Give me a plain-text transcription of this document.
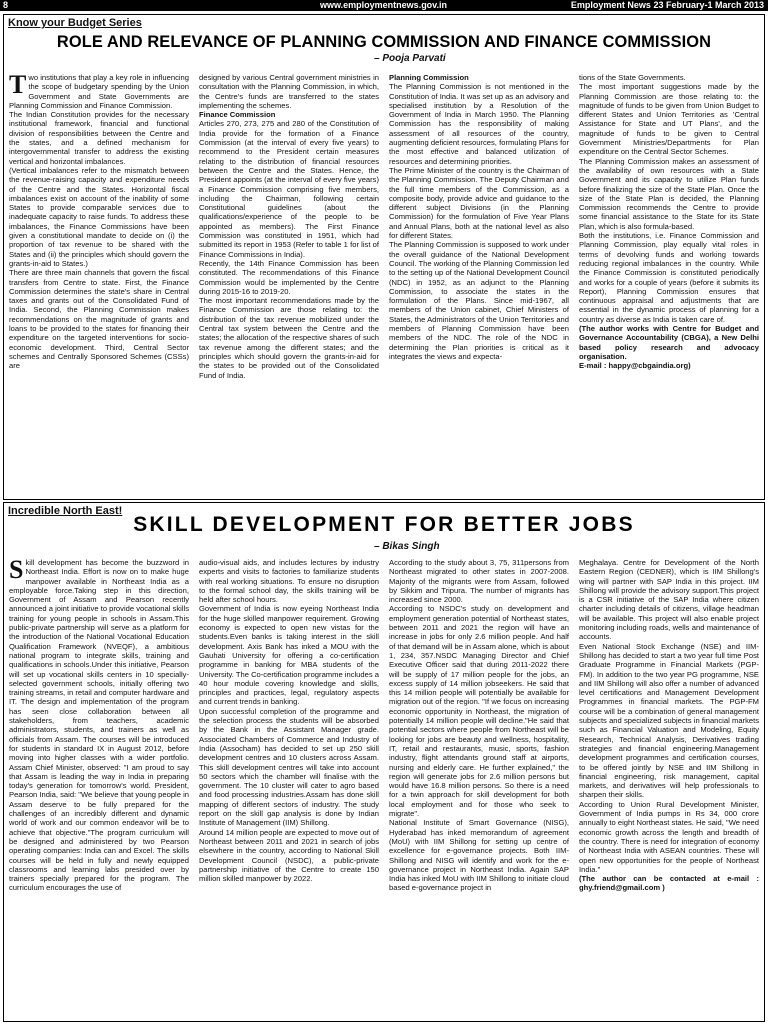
8	www.employmentnews.gov.in	Employment News 23 February-1 March 2013
Know your Budget Series
ROLE AND RELEVANCE OF PLANNING COMMISSION AND FINANCE COMMISSION
– Pooja Parvati

Two institutions that play a key role in influencing the scope of budgetary spending by the Union Government and State Governments are Planning Commission and Finance Commission.

The Indian Constitution provides for the necessary institutional framework, financial and functional division of responsibilities between the Centre and the states, and a defined mechanism for intergovernmental transfer to address the existing vertical and horizontal imbalances.

(Vertical imbalances refer to the mismatch between the revenue-raising capacity and expenditure needs of the Centre and the States. Horizontal fiscal imbalances exist on account of the inability of some States to provide comparable services due to inadequate capacity to raise funds. To address these imbalances, the Finance Commissions have been given a constitutional mandate to decide on (i) the proportion of tax revenue to be shared with the States and (ii) the principles which should govern the grants-in-aid to States.)

There are three main channels that govern the fiscal transfers from Centre to state. First, the Finance Commission determines the state's share in Central taxes and grants out of the Consolidated Fund of India. Second, the Planning Commission makes recommendations on the magnitude of grants and loans to be provided to the states for financing their expenditure on the targeted interventions for socio-economic development. Third, Central Sector schemes and Centrally Sponsored Schemes (CSSs) are

designed by various Central government ministries in consultation with the Planning Commission, in which, the Centre's funds are transferred to the states implementing the schemes.

Finance Commission

Articles 270, 273, 275 and 280 of the Constitution of India provide for the formation of a Finance Commission (at the interval of every five years) to recommend to the President certain measures relating to the distribution of financial resources between the Centre and the States. Hence, the President appoints (at the interval of every five years) a Finance Commission comprising five members, including the Chairman, following certain Constitutional guidelines (about the qualifications/experience of the people to be appointed as members). The First Finance Commission was constituted in 1951, which had submitted its report in 1953 (Refer to table 1 for list of Finance Commissions in India).

Recently, the 14th Finance Commission has been constituted. The recommendations of this Finance Commission would be implemented by the Centre during 2015-16 to 2019-20.

The most important recommendations made by the Finance Commission are those relating to: the distribution of the tax revenue mobilized under the Central tax system between the Centre and the states; the allocation of the respective shares of such tax revenue among the different states; and the principles which should govern the grants-in-aid for the states to be provided out of the Consolidated Fund of India.

Planning Commission

The Planning Commission is not mentioned in the Constitution of India. It was set up as an advisory and specialised institution by a Resolution of the Government of India in March 1950. The Planning Commission has the responsibility of making assessment of all resources of the country, augmenting deficient resources, formulating Plans for the most effective and balanced utilization of resources and determining priorities.

The Prime Minister of the country is the Chairman of the Planning Commission. The Deputy Chairman and the full time members of the Commission, as a composite body, provide advice and guidance to the different subject Divisions (in the Planning Commission) for the formulation of Five Year Plans and Annual Plans, both at the national level as also for different States.

The Planning Commission is supposed to work under the overall guidance of the National Development Council. The working of the Planning Commission led to the setting up of the National Development Council (NDC) in 1952, as an adjunct to the Planning Commission, to associate the states in the formulation of the Plans. Since mid-1967, all members of the Union cabinet, Chief Ministers of States, the Administrators of the Union Territories and members of Planning Commission have been members of the NDC. The role of the NDC in determining the Plan priorities is critical as it integrates the views and expecta-

tions of the State Governments.

The most important suggestions made by the Planning Commission are those relating to: the magnitude of funds to be given from Union Budget to different States and Union Territories as 'Central Assistance for State and UT Plans', and the magnitude of funds to be given to Central Government Ministries/Departments for Plan expenditure on the Central Sector Schemes.

The Planning Commission makes an assessment of the availability of own resources with a State Government and its capacity to utilize Plan funds before finalizing the size of the State Plan. Once the size of the State Plan is decided, the Planning Commission recommends the Centre to provide some financial assistance to the State for its State Plan, which is also formula-based.

Both the institutions, i.e. Finance Commission and Planning Commission, play equally vital roles in terms of devolving funds and working towards reducing regional imbalances in the country. While the Finance Commission is constituted periodically and works for a couple of years (before it submits its Report), Planning Commission ensures that continuous appraisal and adjustments that are essential in the dynamic process of planning for a country as diverse as India is taken care of.

(The author works with Centre for Budget and Governance Accountability (CBGA), a New Delhi based policy research and advocacy organisation.

E-mail : happy@cbgaindia.org)

Incredible North East!
SKILL DEVELOPMENT FOR BETTER JOBS
– Bikas Singh

Skill development has become the buzzword in Northeast India. Effort is now on to make huge manpower available in Northeast India as a employable force.Taking step in this direction, Government of Assam and Pearson recently announced a joint initiative to provide vocational skills training for young people in schools in Assam.This public-private partnership will serve as a platform for the introduction of the National Vocational Education Qualification Framework (NVEQF), a ambitious national program to integrate skills, training and qualifications in schools.Under this initiative, Pearson will set up vocational skills centers in 10 specially-selected government schools, initially offering two training streams, in retail and computer hardware and IT. The design and implementation of the program has seen close collaboration between all stakeholders, from teachers, academic administrators, students, and trainers as well as officials from Assam. The courses will be introduced for students in standard IX in August 2012, before moving into higher classes with a wider portfolio. Assam Chief Minister, observed: "I am proud to say that Assam is leading the way in India in preparing today's generation for tomorrow's world. President, Pearson India, said: "We believe that young people in Assam deserve to be fully prepared for the challenges of an incredibly different and dynamic world of work and our common endeavor will be to achieve that objective."The program curriculum will be designed and administered by two Pearson operating companies: India can and Excel. The skills courses will be held in fully and newly equipped classrooms and learning labs presided over by trainers specially prepared for the program. The curriculum encourages the use of

audio-visual aids, and includes lectures by industry experts and visits to factories to familiarize students with real working situations. To ensure no disruption to the formal school day, the skills training will be held after school hours.

Government of India is now eyeing Northeast India for the huge skilled manpower requirement. Growing economy is expected to open new vistas for the students.Even banks is taking interest in the skill development. Axis Bank has inked a MOU with the Gauhati University for offering a co-certification programme in banking for MBA students of the University. The Co-certification programme includes a 40 hour module covering knowledge and skills, principles and practices, legal, regulatory aspects and current trends in banking.

Upon successful completion of the programme and the selection process the students will be absorbed by the Bank in the Assistant Manager grade. Associated Chambers of Commerce and Industry of India (Assocham) has decided to set up 250 skill development centres and 10 clusters across Assam. This skill development centres will take into account 50 sectors which the chamber will finalise with the government. The 10 cluster will cater to agro based and food processing industries.Assam has done skill mapping of different sectors of industry. The study report on the skill gap analysis is done by Indian Institute of Management (IIM) Shillong.

Around 14 million people are expected to move out of Northeast between 2011 and 2021 in search of jobs elsewhere in the country, according to National Skill Development Council (NSDC), a public-private partnership initiative of the Centre to create 150 million skilled manpower by 2022.

According to the study about 3, 75, 311persons from Northeast migrated to other states in 2007-2008. Majority of the migrants were from Assam, followed by Sikkim and Tripura. The number of migrants has increased since 2000.

According to NSDC's study on development and employment generation potential of Northeast states, between 2011 and 2021 the region will have an increase in jobs for only 2.6 million people. And half of that demand will be in Assam alone, which is about 1, 234, 357.NSDC Managing Director and Chief Executive Officer said that during 2011-2022 there will be supply of 17 million people for the jobs, an excess supply of 14 million jobseekers. He said that this 14 million people will potentially be available for migration out of the region. "If we focus on increasing economic opportunity in Northeast, the migration of potentially 14 million people will decline."He said that potential sectors where people from Northeast will be looking for jobs are beauty and wellness, hospitality, IT, retail and restaurants, music, sports, fashion industry, flight attendants ground staff at airports, nursing and elderly care. He further explained," the region will generate jobs for 2.6 million persons but would have 16.8 million persons. So there is a need for a twin approach for skill development for both local employment and for those who seek to migrate".

National Institute of Smart Governance (NISG), Hyderabad has inked memorandum of agreement (MoU) with IIM Shillong for setting up centre of excellence for e-governance projects. Both IIM-Shillong and NISG will identify and work for the e-governance project in Northeast India. Again SAP India has inked MoU with IIM Shillong to initiate cloud based e-governance project in

Meghalaya. Centre for Development of the North Eastern Region (CEDNER), which is IIM Shillong's wing will partner with SAP India in this project. IIM Shillong will provide the advisory support.This project is a CSR initiative of the SAP India where citizen charter including details of citizens, village headman will be available. This project will also enable project monitoring including roads, wells and maintenance of accounts.

Even National Stock Exchange (NSE) and IIM-Shillong has decided to start a two year full time Post Graduate Programme in Financial Markets (PGP-FM). In addition to the two year PG programme, NSE and IIM Shillong will also offer a number of advanced level certifications and Management Development Programmes in financial markets. The PGP-FM course will be a combination of general management subjects and specialized subjects in financial markets such as Financial Valuation and Modeling, Equity Research, Technical Analysis, Derivatives trading strategies and financial engineering.Management development programmes and certification courses, to be offered jointly by NSE and IIM Shillong in financial engineering, risk management, capital markets, and derivatives will help professionals to sharpen their skills.

According to Union Rural Development Minister, Government of India pumps in Rs 34, 000 crore annually to eight Northeast states. He said, "We need economic growth across the length and breadth of the country. There is need for integration of economy of Northeast India with ASEAN countries. These will open new opportunities for the people of Northeast India."

(The author can be contacted at e-mail : ghy.friend@gmail.com )
